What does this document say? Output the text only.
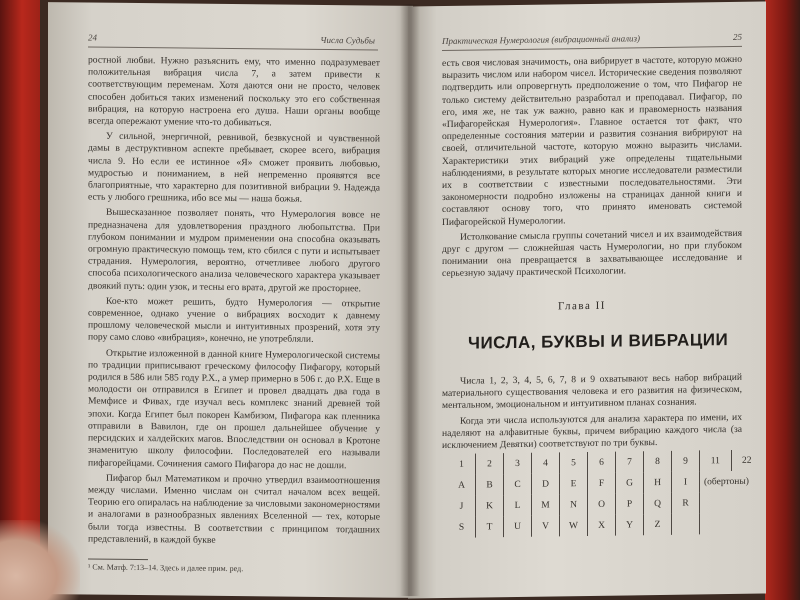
24	Числа Судьбы

ростной любви. Нужно разъяснить ему, что именно подразумевает положительная вибрация числа 7, а затем привести к соответствующим переменам. Хотя даются они не просто, человек способен добиться таких изменений поскольку это его собственная вибрация, на которую настроена его душа. Наши органы вообще всегда опережают умение что-то добиваться.

У сильной, энергичной, ревнивой, безвкусной и чувственной дамы в деструктивном аспекте пребывает, скорее всего, вибрация числа 9. Но если ее истинное «Я» сможет проявить любовью, мудростью и пониманием, в ней непременно проявятся все благоприятные, что характерно для позитивной вибрации 9. Надежда есть у любого грешника, ибо все мы — наша божья.

Вышесказанное позволяет понять, что Нумерология вовсе не предназначена для удовлетворения праздного любопытства. При глубоком понимании и мудром применении она способна оказывать огромную практическую помощь тем, кто сбился с пути и испытывает страдания. Нумерология, вероятно, отчетливее любого другого способа психологического анализа человеческого характера указывает двоякий путь: один узок, и тесны его врата, другой же просторнее.

Кое-кто может решить, будто Нумерология — открытие современное, однако учение о вибрациях восходит к давнему прошлому человеческой мысли и интуитивных прозрений, хотя эту пору само слово «вибрация», конечно, не употребляли.

Открытие изложенной в данной книге Нумерологической системы по традиции приписывают греческому философу Пифагору, который родился в 586 или 585 году Р.Х., а умер примерно в 506 г. до Р.Х. Еще в молодости он отправился в Египет и провел двадцать два года в Мемфисе и Фивах, где изучал весь комплекс знаний древней той эпохи. Когда Египет был покорен Камбизом, Пифагора как пленника отправили в Вавилон, где он прошел дальнейшее обучение у персидских и халдейских магов. Впоследствии он основал в Кротоне знаменитую школу философии. Последователей его называли пифагорейцами. Сочинения самого Пифагора до нас не дошли.

Пифагор был Математиком и прочно утвердил взаимоотношения между числами. Именно числам он считал началом всех вещей. Теорию его опиралась на наблюдение за числовыми закономерностями и аналогами в разнообразных явлениях Вселенной — тех, которые были тогда известны. В соответствии с принципом тогдашних представлений, в каждой букве

¹ См. Матф. 7:13–14. Здесь и далее прим. ред.
Практическая Нумерология (вибрационный анализ)	25

есть своя числовая значимость, она вибрирует в частоте, которую можно выразить числом или набором чисел. Исторические сведения позволяют подтвердить или опровергнуть предположение о том, что Пифагор не только систему действительно разработал и преподавал. Пифагор, по его, имя же, не так уж важно, равно как и правомерность названия «Пифагорейская Нумерология». Главное остается тот факт, что определенные состояния материи и развития сознания вибрируют на своей, отличительной частоте, которую можно выразить числами. Характеристики этих вибраций уже определены тщательными наблюдениями, в результате которых многие исследователи разместили их в соответствии с известными последовательностями. Эти закономерности подробно изложены на страницах данной книги и составляют основу того, что принято именовать системой Пифагорейской Нумерологии.

Истолкование смысла группы сочетаний чисел и их взаимодействия друг с другом — сложнейшая часть Нумерологии, но при глубоком понимании она превращается в захватывающее исследование и серьезную задачу практической Психологии.

Глава II
ЧИСЛА, БУКВЫ И ВИБРАЦИИ

Числа 1, 2, 3, 4, 5, 6, 7, 8 и 9 охватывают весь набор вибраций материального существования человека и его развития на физическом, ментальном, эмоциональном и интуитивном планах сознания.

Когда эти числа используются для анализа характера по имени, их наделяют на алфавитные буквы, причем вибрацию каждого числа (за исключением Девятки) соответствуют по три буквы.

1	2	3	4	5	6	7	8	9	11	22
A	B	C	D	E	F	G	H	I	(обертоны)	
J	K	L	M	N	O	P	Q	R		
S	T	U	V	W	X	Y	Z			
